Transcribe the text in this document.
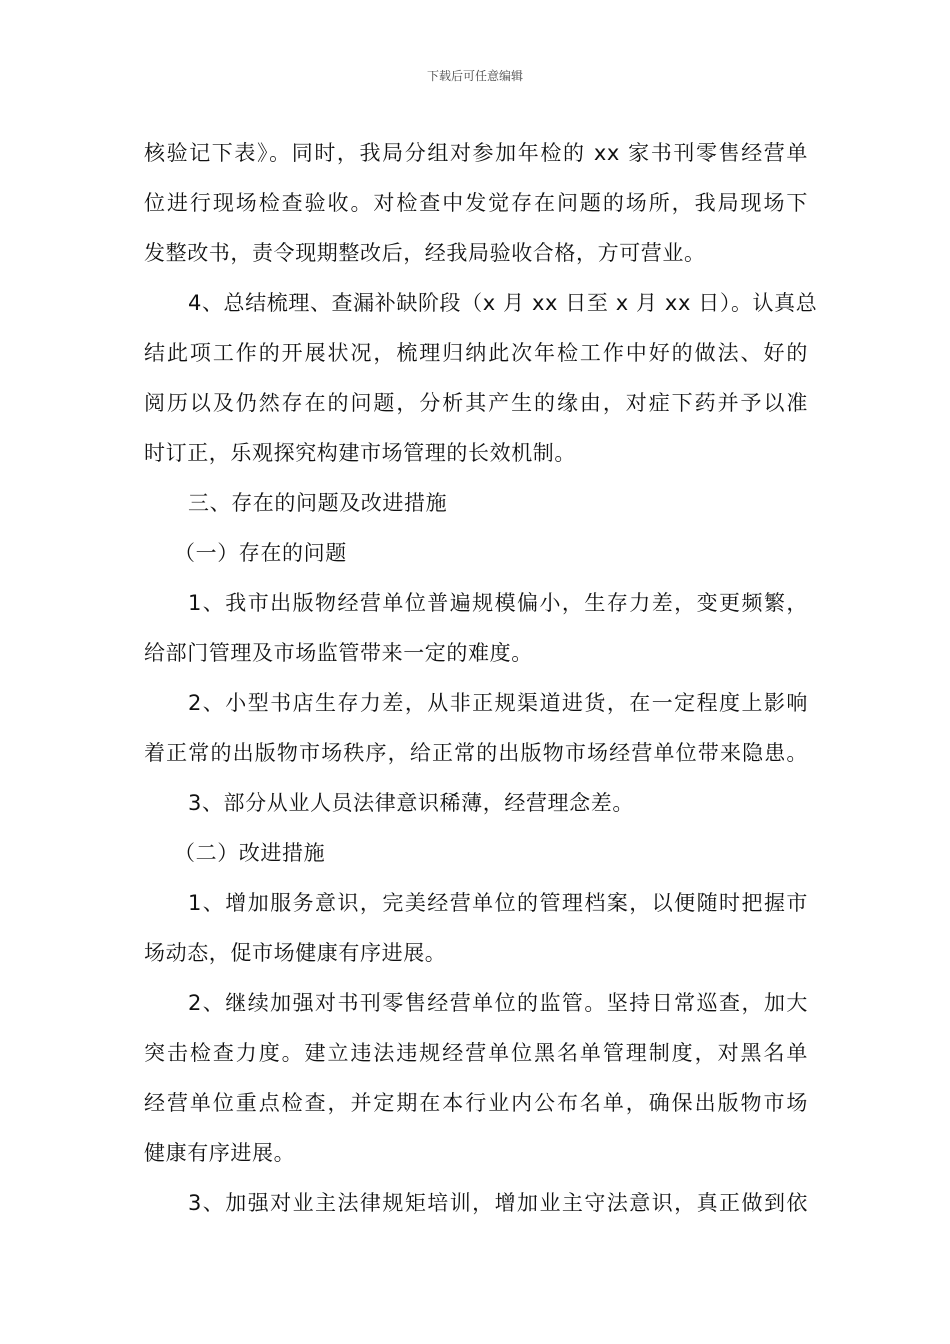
下载后可任意编辑
核验记下表》。同时，我局分组对参加年检的 xx 家书刊零售经营单
位进行现场检查验收。对检查中发觉存在问题的场所，我局现场下
发整改书，责令现期整改后，经我局验收合格，方可营业。
4、总结梳理、查漏补缺阶段（x 月 xx 日至 x 月 xx 日）。认真总
结此项工作的开展状况，梳理归纳此次年检工作中好的做法、好的
阅历以及仍然存在的问题，分析其产生的缘由，对症下药并予以准
时订正，乐观探究构建市场管理的长效机制。
三、存在的问题及改进措施
（一）存在的问题
1、我市出版物经营单位普遍规模偏小，生存力差，变更频繁，
给部门管理及市场监管带来一定的难度。
2、小型书店生存力差，从非正规渠道进货，在一定程度上影响
着正常的出版物市场秩序，给正常的出版物市场经营单位带来隐患。
3、部分从业人员法律意识稀薄，经营理念差。
（二）改进措施
1、增加服务意识，完美经营单位的管理档案，以便随时把握市
场动态，促市场健康有序进展。
2、继续加强对书刊零售经营单位的监管。坚持日常巡查，加大
突击检查力度。建立违法违规经营单位黑名单管理制度，对黑名单
经营单位重点检查，并定期在本行业内公布名单，确保出版物市场
健康有序进展。
3、加强对业主法律规矩培训，增加业主守法意识，真正做到依
